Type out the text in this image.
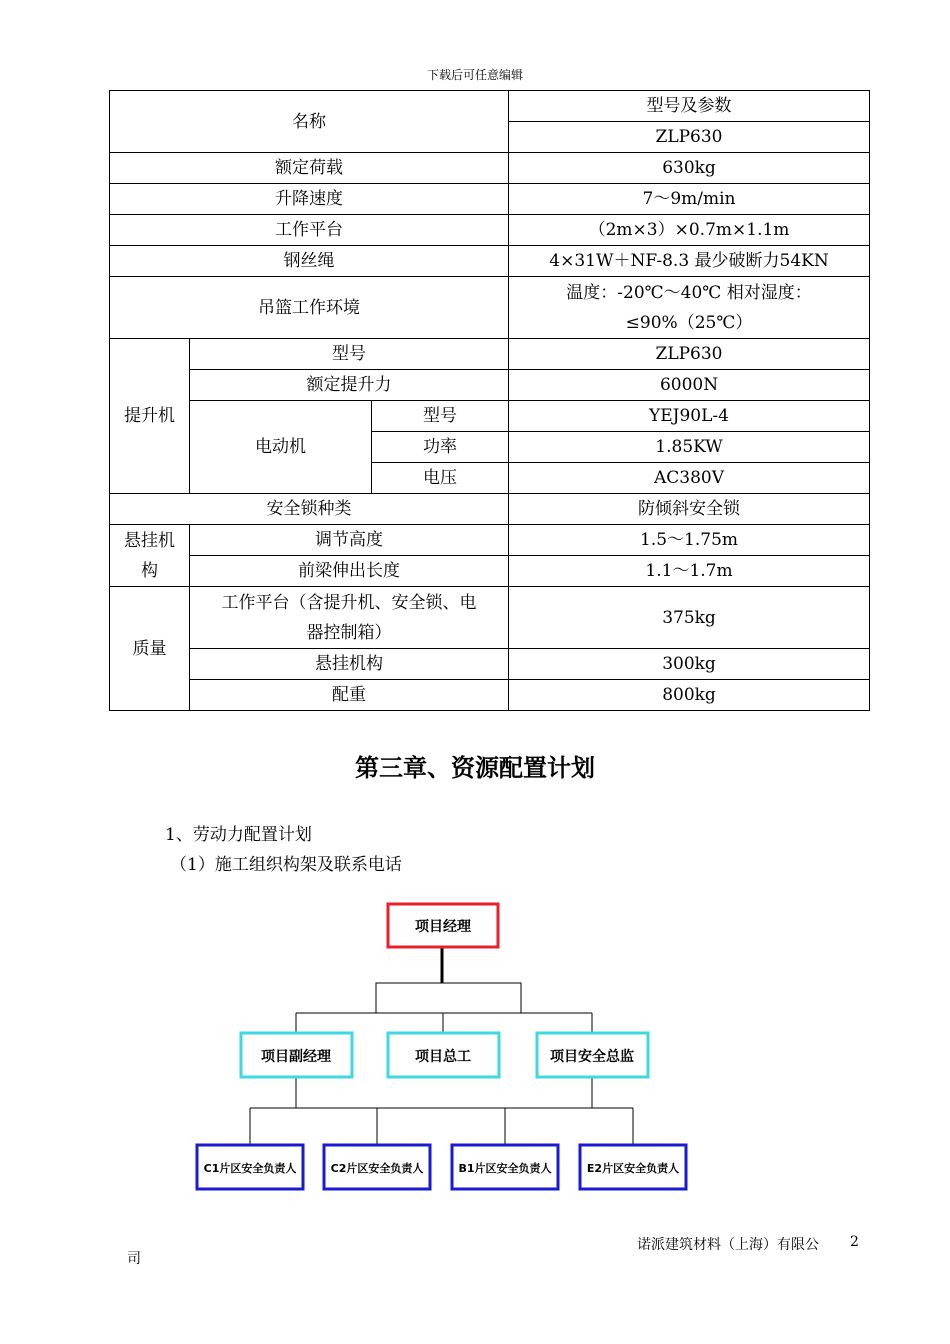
下载后可任意编辑
名称			型号及参数
			ZLP630
额定荷载			630kg
升降速度			7～9m/min
工作平台			（2m×3）×0.7m×1.1m
钢丝绳			4×31W＋NF-8.3 最少破断力54KN
吊篮工作环境			温度：-20℃～40℃ 相对湿度：
≤90%（25℃）

提升机	型号		ZLP630
	额定提升力		6000N
	电动机	型号	YEJ90L-4
		功率	1.85KW
		电压	AC380V
安全锁种类			防倾斜安全锁

悬挂机
构	调节高度		1.5～1.75m
	前梁伸出长度		1.1～1.7m
质量	工作平台（含提升机、安全锁、电
器控制箱）		375kg
	悬挂机构		300kg
	配重		800kg
第三章、资源配置计划
1、劳动力配置计划
（1）施工组织构架及联系电话
项目经理
项目副经理	项目总工	项目安全总监
C1片区安全负责人	C2片区安全负责人	B1片区安全负责人	E2片区安全负责人
诺派建筑材料（上海）有限公 2
司
